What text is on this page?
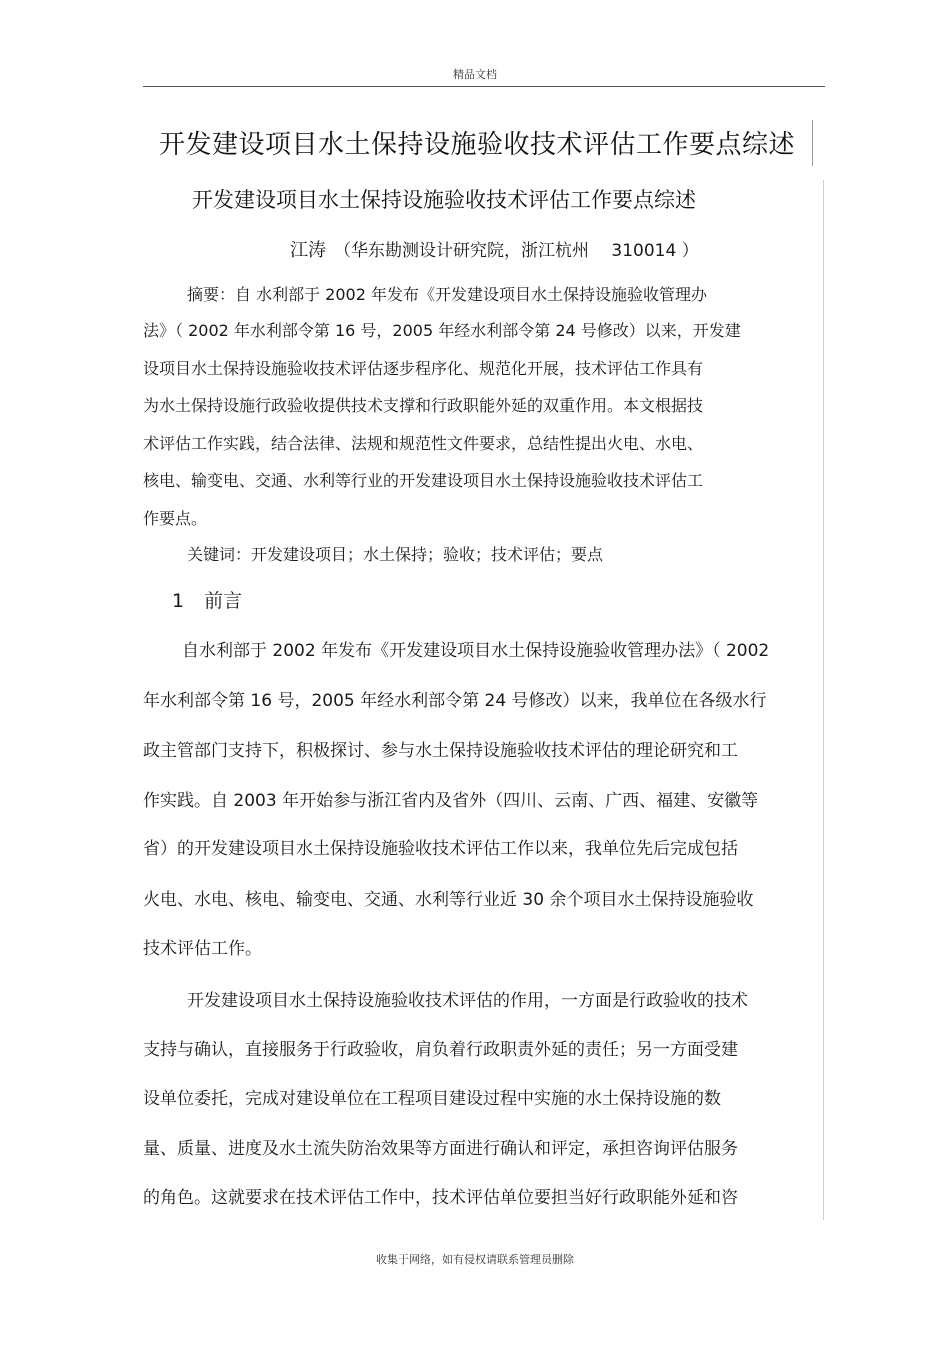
精品文档
开发建设项目水土保持设施验收技术评估工作要点综述
开发建设项目水土保持设施验收技术评估工作要点综述
江涛 （华东勘测设计研究院，浙江杭州　 310014 ）
摘要：自 水利部于 2002 年发布《开发建设项目水土保持设施验收管理办
法》（ 2002 年水利部令第 16 号，2005 年经水利部令第 24 号修改）以来，开发建
设项目水土保持设施验收技术评估逐步程序化、规范化开展，技术评估工作具有
为水土保持设施行政验收提供技术支撑和行政职能外延的双重作用。本文根据技
术评估工作实践，结合法律、法规和规范性文件要求，总结性提出火电、水电、
核电、输变电、交通、水利等行业的开发建设项目水土保持设施验收技术评估工
作要点。
关键词：开发建设项目；水土保持；验收；技术评估；要点
1 前言
自水利部于 2002 年发布《开发建设项目水土保持设施验收管理办法》（ 2002
年水利部令第 16 号，2005 年经水利部令第 24 号修改）以来，我单位在各级水行
政主管部门支持下，积极探讨、参与水土保持设施验收技术评估的理论研究和工
作实践。自 2003 年开始参与浙江省内及省外（四川、云南、广西、福建、安徽等
省）的开发建设项目水土保持设施验收技术评估工作以来，我单位先后完成包括
火电、水电、核电、输变电、交通、水利等行业近 30 余个项目水土保持设施验收
技术评估工作。
开发建设项目水土保持设施验收技术评估的作用，一方面是行政验收的技术
支持与确认，直接服务于行政验收，肩负着行政职责外延的责任；另一方面受建
设单位委托，完成对建设单位在工程项目建设过程中实施的水土保持设施的数
量、质量、进度及水土流失防治效果等方面进行确认和评定，承担咨询评估服务
的角色。这就要求在技术评估工作中，技术评估单位要担当好行政职能外延和咨
收集于网络，如有侵权请联系管理员删除
